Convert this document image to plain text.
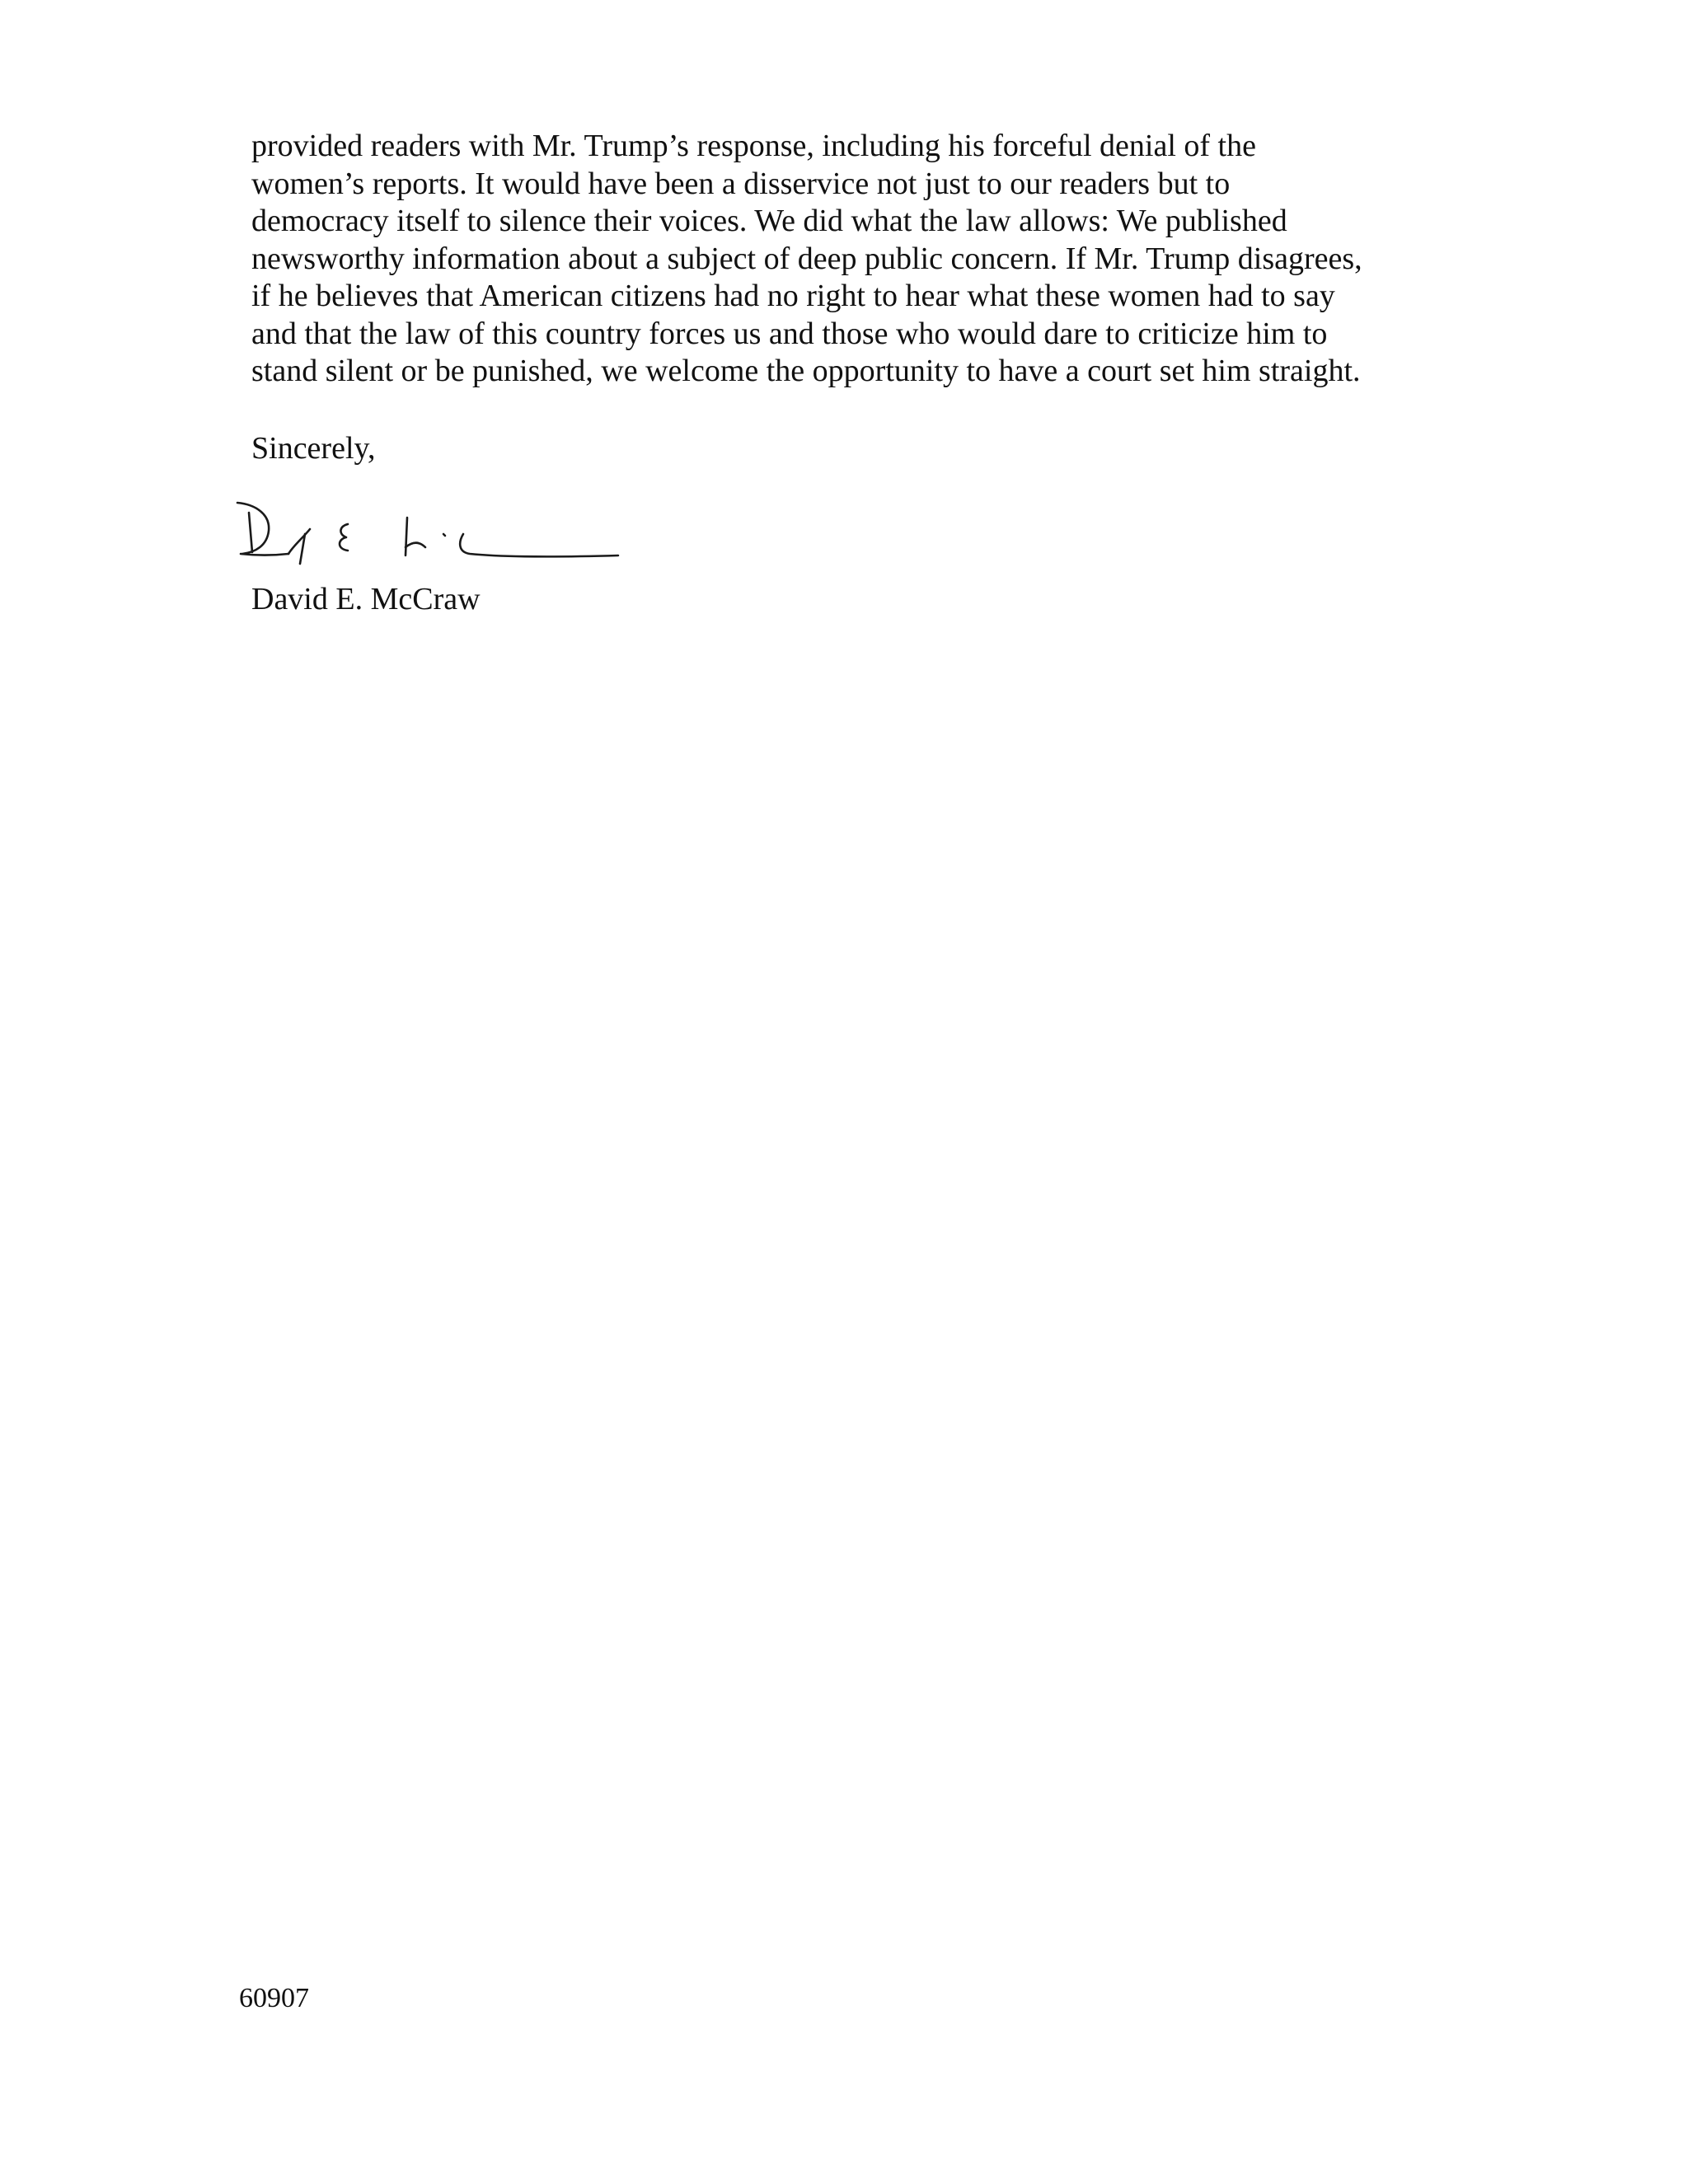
provided readers with Mr. Trump’s response, including his forceful denial of the
women’s reports. It would have been a disservice not just to our readers but to
democracy itself to silence their voices. We did what the law allows: We published
newsworthy information about a subject of deep public concern. If Mr. Trump disagrees,
if he believes that American citizens had no right to hear what these women had to say
and that the law of this country forces us and those who would dare to criticize him to
stand silent or be punished, we welcome the opportunity to have a court set him straight.

Sincerely,

David E. McCraw

60907
